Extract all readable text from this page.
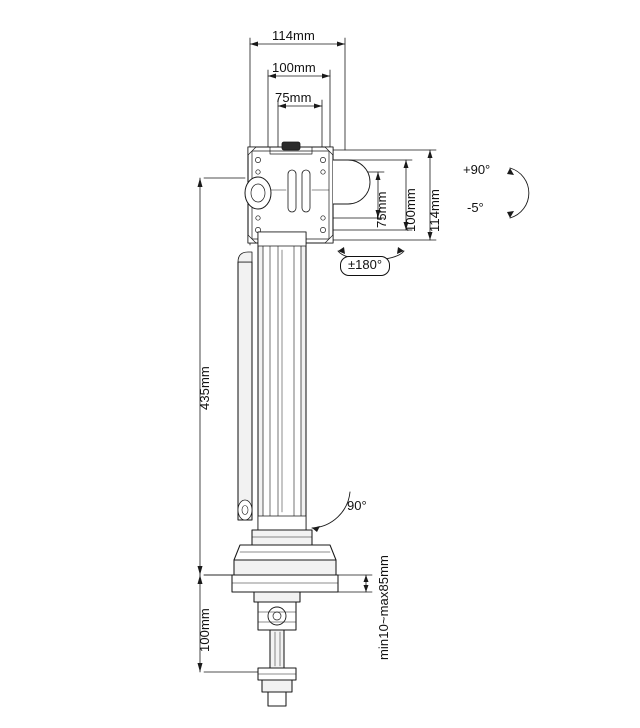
114mm
100mm
75mm
75mm 100mm 114mm
435mm
100mm	min10~max85mm
+90°
-5°
±180°
90°
